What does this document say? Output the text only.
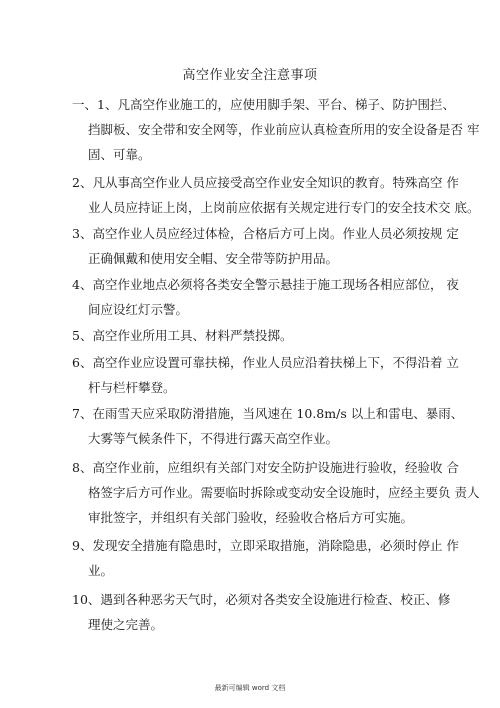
高空作业安全注意事项
一、1、凡高空作业施工的，应使用脚手架、平台、梯子、防护围拦、
挡脚板、安全带和安全网等，作业前应认真检查所用的安全设备是否 牢
固、可靠。
2、凡从事高空作业人员应接受高空作业安全知识的教育。特殊高空 作
业人员应持证上岗，上岗前应依据有关规定进行专门的安全技术交 底。
3、高空作业人员应经过体检，合格后方可上岗。作业人员必须按规 定
正确佩戴和使用安全帽、安全带等防护用品。
4、高空作业地点必须将各类安全警示悬挂于施工现场各相应部位， 夜
间应设红灯示警。
5、高空作业所用工具、材料严禁投掷。
6、高空作业应设置可靠扶梯，作业人员应沿着扶梯上下，不得沿着 立
杆与栏杆攀登。
7、在雨雪天应采取防滑措施，当风速在 10.8m/s 以上和雷电、暴雨、
大雾等气候条件下，不得进行露天高空作业。
8、高空作业前，应组织有关部门对安全防护设施进行验收，经验收 合
格签字后方可作业。需要临时拆除或变动安全设施时，应经主要负 责人
审批签字，并组织有关部门验收，经验收合格后方可实施。
9、发现安全措施有隐患时，立即采取措施，消除隐患，必须时停止 作
业。
10、遇到各种恶劣天气时，必须对各类安全设施进行检查、校正、修
理使之完善。
最新可编辑 word 文档
